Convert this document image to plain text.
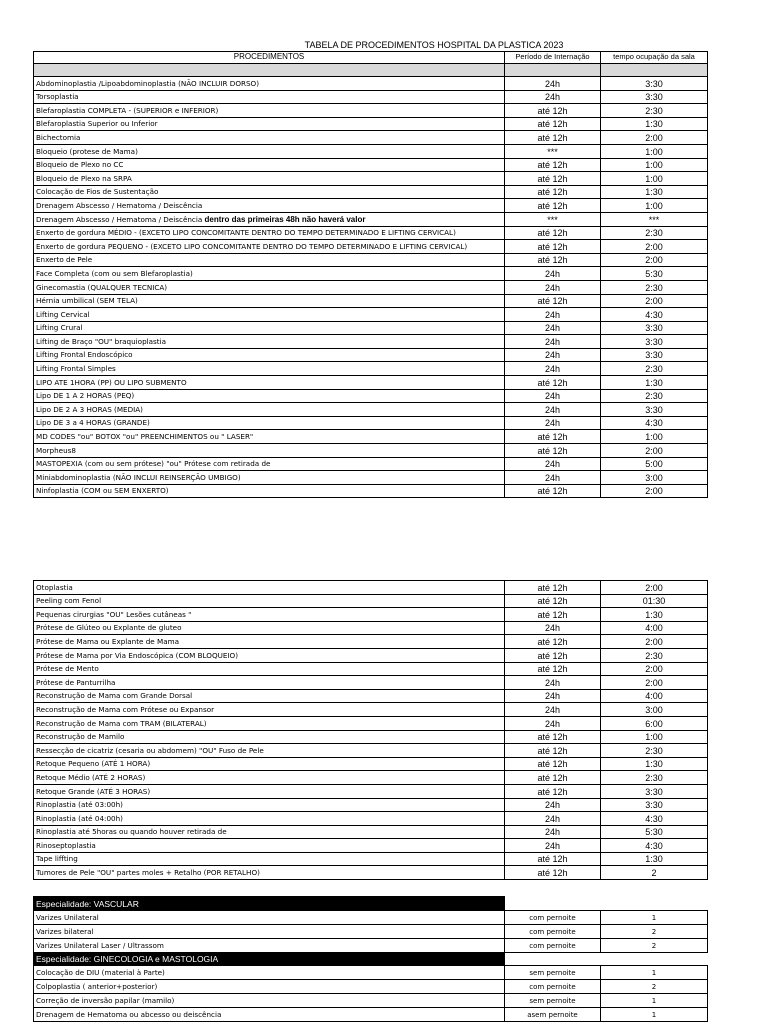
TABELA DE PROCEDIMENTOS HOSPITAL DA PLASTICA 2023
PROCEDIMENTOS	Período de Internação	tempo ocupação da sala

Abdominoplastia /Lipoabdominoplastia (NÃO INCLUIR DORSO)	24h	3:30
Torsoplastia	24h	3:30
Blefaroplastia COMPLETA - (SUPERIOR e INFERIOR)	até 12h	2:30
Blefaroplastia Superior ou Inferior	até 12h	1:30
Bichectomia	até 12h	2:00
Bloqueio (protese de Mama)	***	1:00
Bloqueio de Plexo no CC	até 12h	1:00
Bloqueio de Plexo na SRPA	até 12h	1:00
Colocação de Fios de Sustentação	até 12h	1:30
Drenagem Abscesso / Hematoma / Deiscência	até 12h	1:00
Drenagem Abscesso / Hematoma / Deiscência dentro das primeiras 48h não haverá valor	***	***
Enxerto de gordura MÉDIO - (EXCETO LIPO CONCOMITANTE DENTRO DO TEMPO DETERMINADO E LIFTING CERVICAL)	até 12h	2:30
Enxerto de gordura PEQUENO - (EXCETO LIPO CONCOMITANTE DENTRO DO TEMPO DETERMINADO E LIFTING CERVICAL)	até 12h	2:00
Enxerto de Pele	até 12h	2:00
Face Completa (com ou sem Blefaroplastia)	24h	5:30
Ginecomastia (QUALQUER TECNICA)	24h	2:30
Hérnia umbilical (SEM TELA)	até 12h	2:00
Lifting Cervical	24h	4:30
Lifting Crural	24h	3:30
Lifting de Braço "OU" braquioplastia	24h	3:30
Lifting Frontal Endoscópico	24h	3:30
Lifting Frontal Simples	24h	2:30
LIPO ATE 1HORA (PP) OU LIPO SUBMENTO	até 12h	1:30
Lipo DE 1 A 2 HORAS (PEQ)	24h	2:30
Lipo DE 2 A 3 HORAS (MEDIA)	24h	3:30
Lipo DE 3 a 4 HORAS (GRANDE)	24h	4:30
MD CODES "ou" BOTOX "ou" PREENCHIMENTOS ou " LASER"	até 12h	1:00
Morpheus8	até 12h	2:00
MASTOPEXIA (com ou sem prótese) "ou" Prótese com retirada de	24h	5:00
Miniabdominoplastia (NÃO INCLUI REINSERÇÃO UMBIGO)	24h	3:00
Ninfoplastia (COM ou SEM ENXERTO)	até 12h	2:00
Otoplastia	até 12h	2:00
Peeling com Fenol	até 12h	01:30
Pequenas cirurgias "OU" Lesões cutâneas "	até 12h	1:30
Prótese de Glúteo ou Explante de gluteo	24h	4:00
Prótese de Mama ou Explante de Mama	até 12h	2:00
Prótese de Mama por Via Endoscópica (COM BLOQUEIO)	até 12h	2:30
Prótese de Mento	até 12h	2:00
Prótese de Panturrilha	24h	2:00
Reconstrução de Mama com Grande Dorsal	24h	4:00
Reconstrução de Mama com Prótese ou Expansor	24h	3:00
Reconstrução de Mama com TRAM (BILATERAL)	24h	6:00
Reconstrução de Mamilo	até 12h	1:00
Ressecção de cicatriz (cesaria ou abdomem) "OU" Fuso de Pele	até 12h	2:30
Retoque Pequeno (ATÉ 1 HORA)	até 12h	1:30
Retoque Médio (ATÉ 2 HORAS)	até 12h	2:30
Retoque Grande (ATÉ 3 HORAS)	até 12h	3:30
Rinoplastia (até 03:00h)	24h	3:30
Rinoplastia (até 04:00h)	24h	4:30
Rinoplastia até 5horas ou quando houver retirada de	24h	5:30
Rinoseptoplastia	24h	4:30
Tape liffting	até 12h	1:30
Tumores de Pele "OU" partes moles + Retalho (POR RETALHO)	até 12h	2
Especialidade: VASCULAR		
Varizes Unilateral	com pernoite	1
Varizes bilateral	com pernoite	2
Varizes Unilateral Laser / Ultrassom	com pernoite	2
Especialidade: GINECOLOGIA e MASTOLOGIA		
Colocação de DIU (material à Parte)	sem pernoite	1
Colpoplastia ( anterior+posterior)	com pernoite	2
Correção de inversão papilar (mamilo)	sem pernoite	1
Drenagem de Hematoma ou abcesso ou deiscência	asem pernoite	1
